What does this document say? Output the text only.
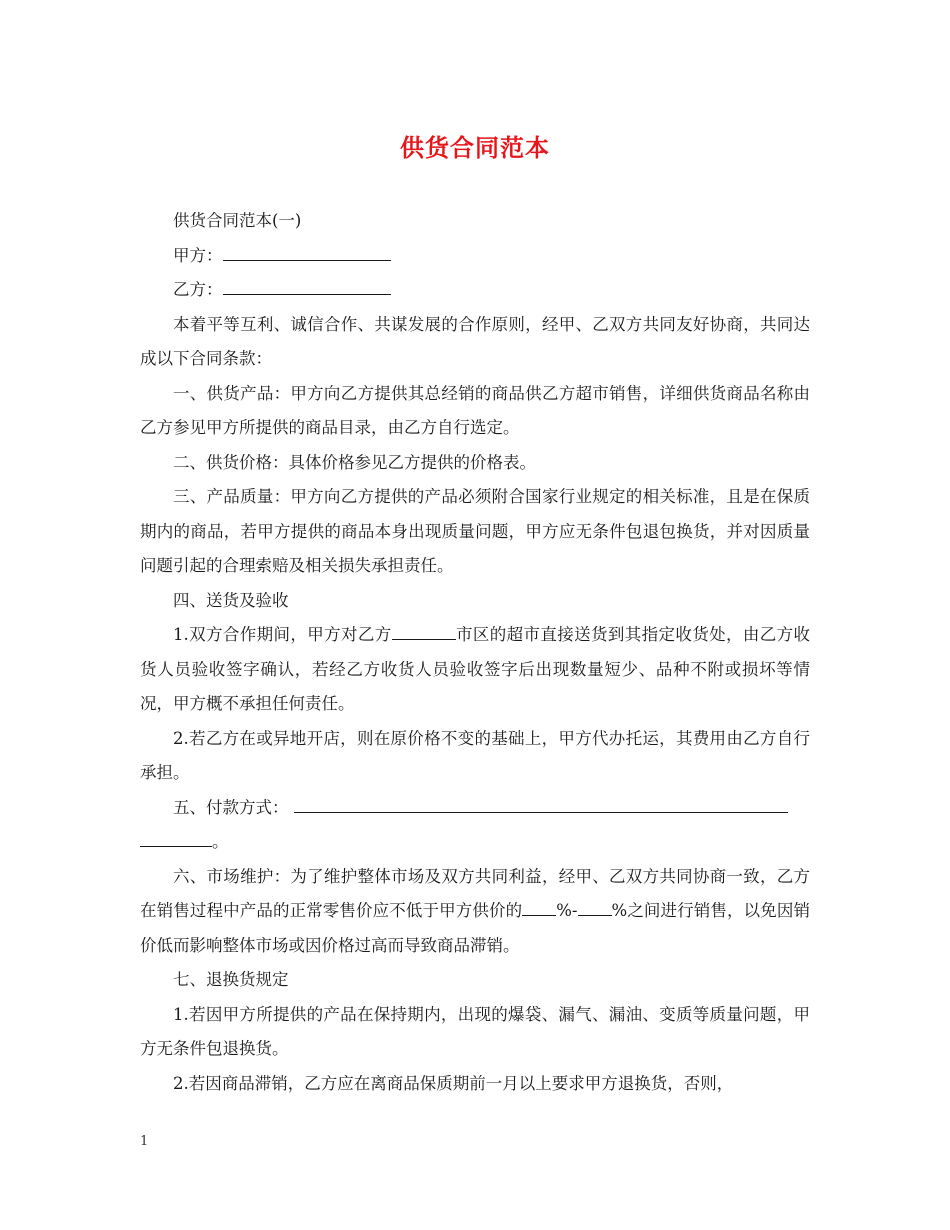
供货合同范本

供货合同范本(一)

甲方：

乙方：

本着平等互利、诚信合作、共谋发展的合作原则，经甲、乙双方共同友好协商，共同达成以下合同条款：

一、供货产品：甲方向乙方提供其总经销的商品供乙方超市销售，详细供货商品名称由乙方参见甲方所提供的商品目录，由乙方自行选定。

二、供货价格：具体价格参见乙方提供的价格表。

三、产品质量：甲方向乙方提供的产品必须附合国家行业规定的相关标准，且是在保质期内的商品，若甲方提供的商品本身出现质量问题，甲方应无条件包退包换货，并对因质量问题引起的合理索赔及相关损失承担责任。

四、送货及验收

1.双方合作期间，甲方对乙方	市区的超市直接送货到其指定收货处，由乙方收货人员验收签字确认，若经乙方收货人员验收签字后出现数量短少、品种不附或损坏等情况，甲方概不承担任何责任。

2.若乙方在或异地开店，则在原价格不变的基础上，甲方代办托运，其费用由乙方自行承担。

五、付款方式：

。

六、市场维护：为了维护整体市场及双方共同利益，经甲、乙双方共同协商一致，乙方在销售过程中产品的正常零售价应不低于甲方供价的 %- %之间进行销售，以免因销价低而影响整体市场或因价格过高而导致商品滞销。

七、退换货规定

1.若因甲方所提供的产品在保持期内，出现的爆袋、漏气、漏油、变质等质量问题，甲方无条件包退换货。

2.若因商品滞销，乙方应在离商品保质期前一月以上要求甲方退换货，否则，

1
